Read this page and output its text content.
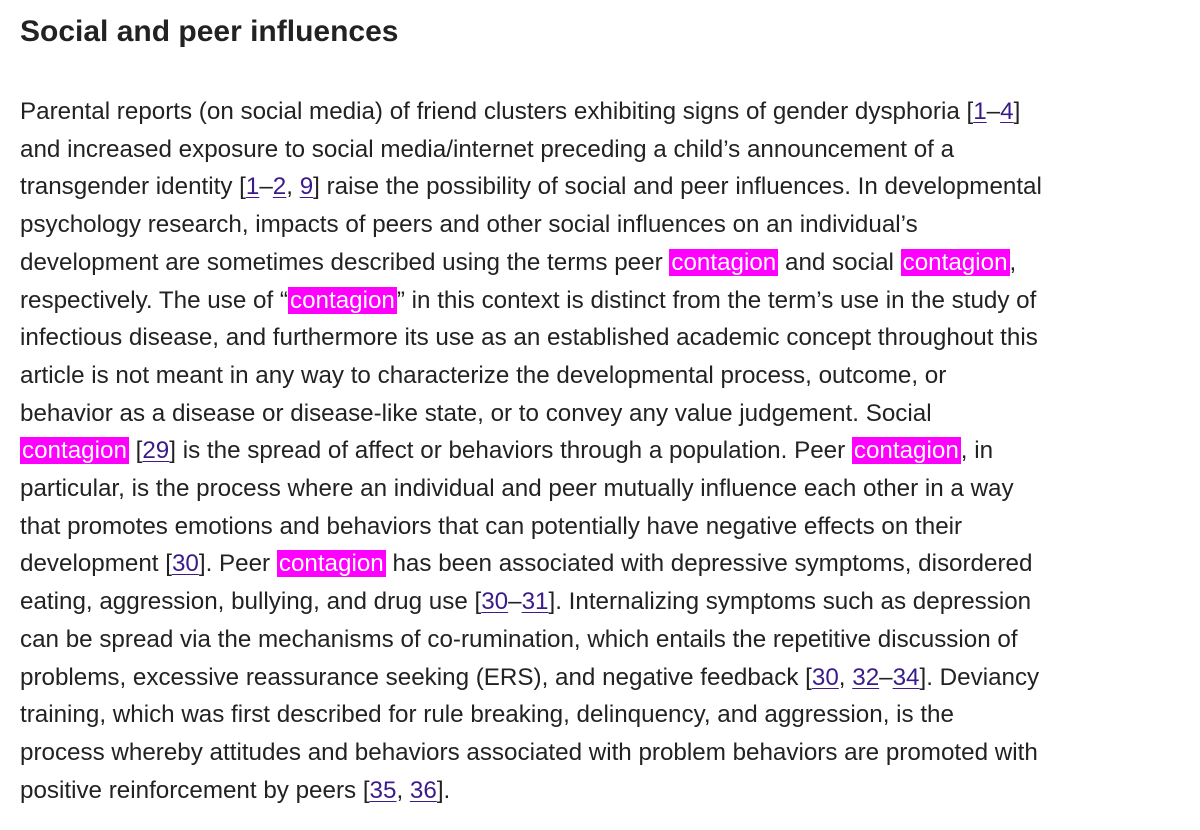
Social and peer influences
Parental reports (on social media) of friend clusters exhibiting signs of gender dysphoria [1–4]
and increased exposure to social media/internet preceding a child’s announcement of a
transgender identity [1–2, 9] raise the possibility of social and peer influences. In developmental
psychology research, impacts of peers and other social influences on an individual’s
development are sometimes described using the terms peer contagion and social contagion,
respectively. The use of “contagion” in this context is distinct from the term’s use in the study of
infectious disease, and furthermore its use as an established academic concept throughout this
article is not meant in any way to characterize the developmental process, outcome, or
behavior as a disease or disease-like state, or to convey any value judgement. Social
contagion [29] is the spread of affect or behaviors through a population. Peer contagion, in
particular, is the process where an individual and peer mutually influence each other in a way
that promotes emotions and behaviors that can potentially have negative effects on their
development [30]. Peer contagion has been associated with depressive symptoms, disordered
eating, aggression, bullying, and drug use [30–31]. Internalizing symptoms such as depression
can be spread via the mechanisms of co-rumination, which entails the repetitive discussion of
problems, excessive reassurance seeking (ERS), and negative feedback [30, 32–34]. Deviancy
training, which was first described for rule breaking, delinquency, and aggression, is the
process whereby attitudes and behaviors associated with problem behaviors are promoted with
positive reinforcement by peers [35, 36].
